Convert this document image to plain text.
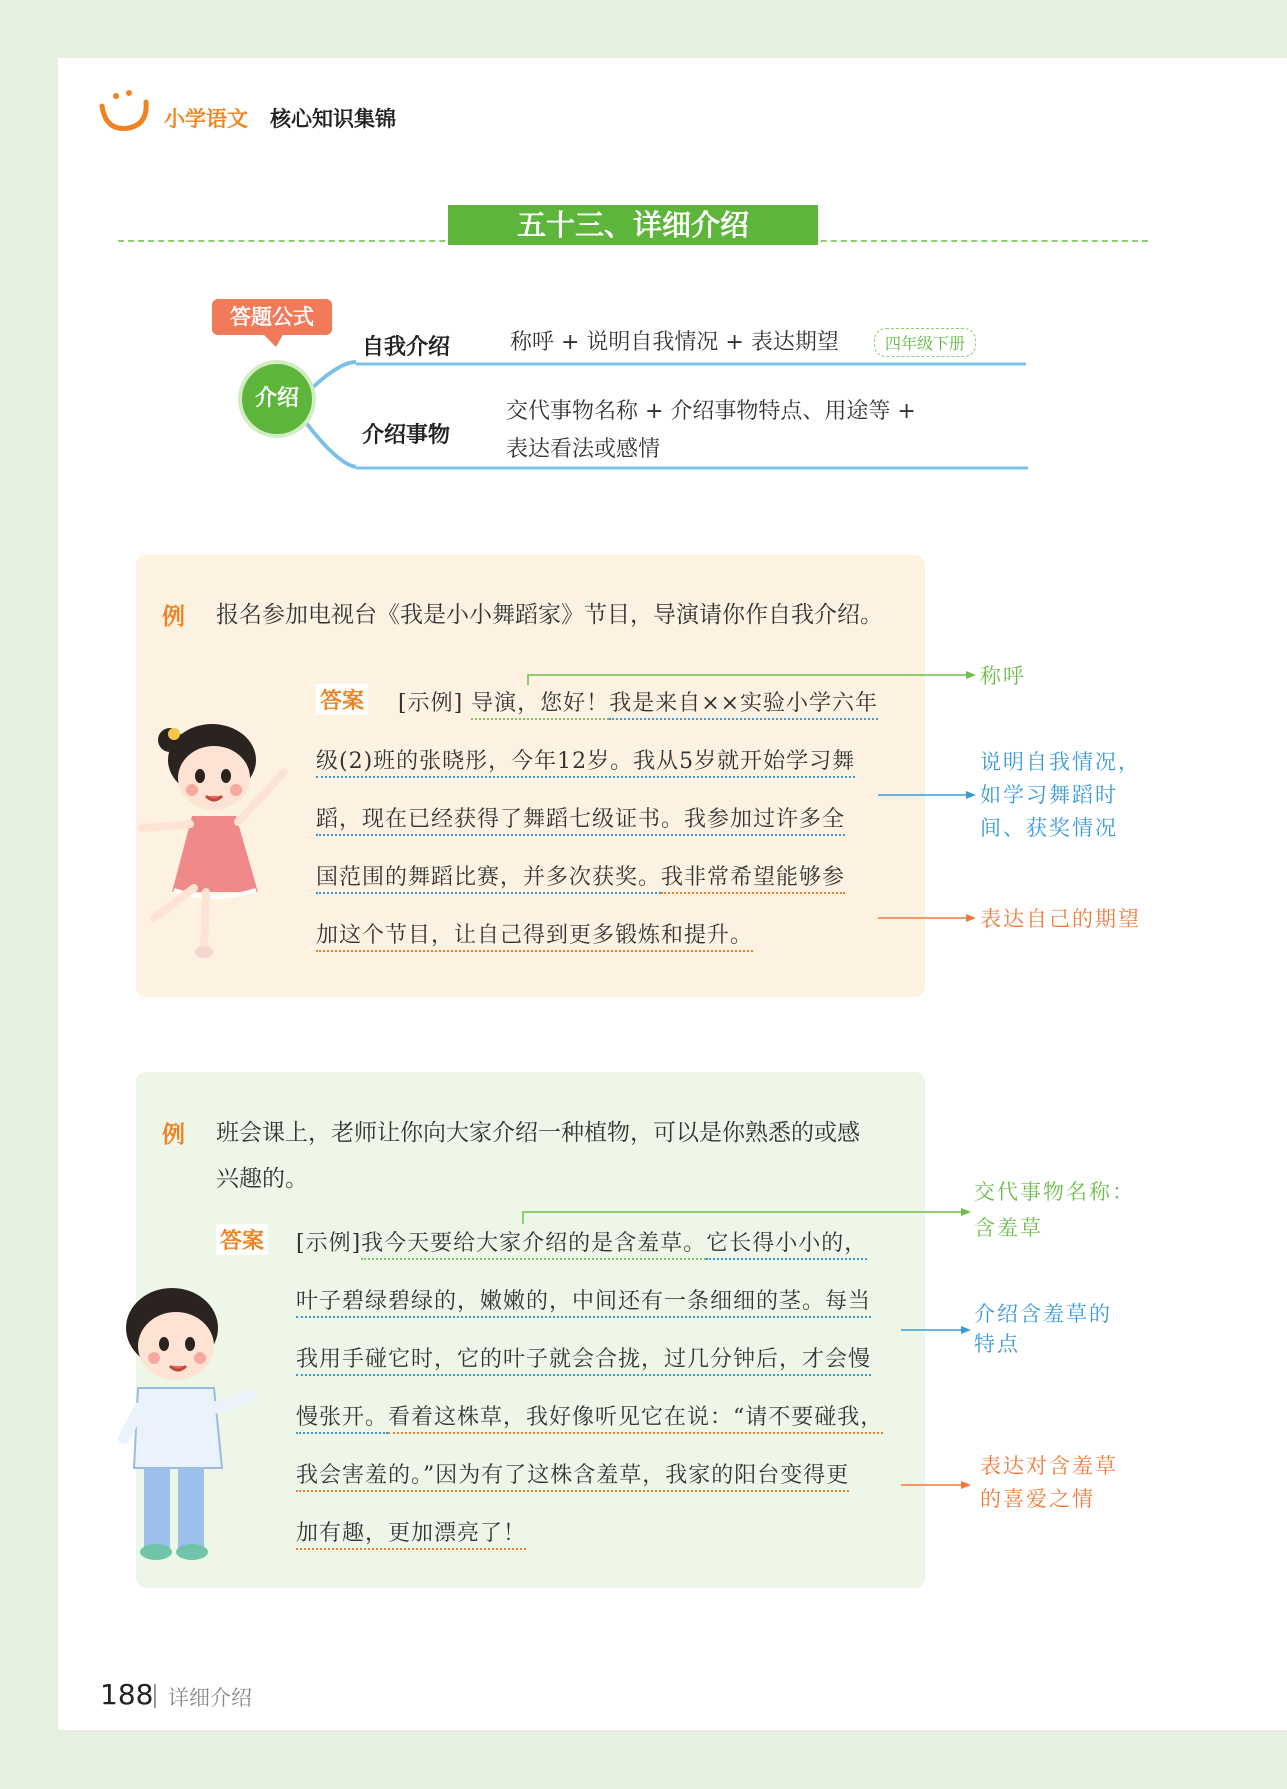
小学语文 核心知识集锦
五十三、详细介绍
答题公式
介绍
自我介绍	称呼 + 说明自我情况 + 表达期望	四年级下册
介绍事物
交代事物名称 + 介绍事物特点、用途等 +
表达看法或感情
例 报名参加电视台《我是小小舞蹈家》节目，导演请你作自我介绍。
答案 [示例] 导演，您好！我是来自××实验小学六年
级(2)班的张晓彤，今年12岁。我从5岁就开始学习舞
蹈，现在已经获得了舞蹈七级证书。我参加过许多全
国范围的舞蹈比赛，并多次获奖。我非常希望能够参
加这个节目，让自己得到更多锻炼和提升。
称呼
说明自我情况，
如学习舞蹈时
间、获奖情况
表达自己的期望
例 班会课上，老师让你向大家介绍一种植物，可以是你熟悉的或感
兴趣的。
答案 [示例]我今天要给大家介绍的是含羞草。它长得小小的，
叶子碧绿碧绿的，嫩嫩的，中间还有一条细细的茎。每当
我用手碰它时，它的叶子就会合拢，过几分钟后，才会慢
慢张开。看着这株草，我好像听见它在说：“请不要碰我，
我会害羞的。”因为有了这株含羞草，我家的阳台变得更
加有趣，更加漂亮了！
交代事物名称：
含羞草
介绍含羞草的
特点
表达对含羞草
的喜爱之情
188 详细介绍
